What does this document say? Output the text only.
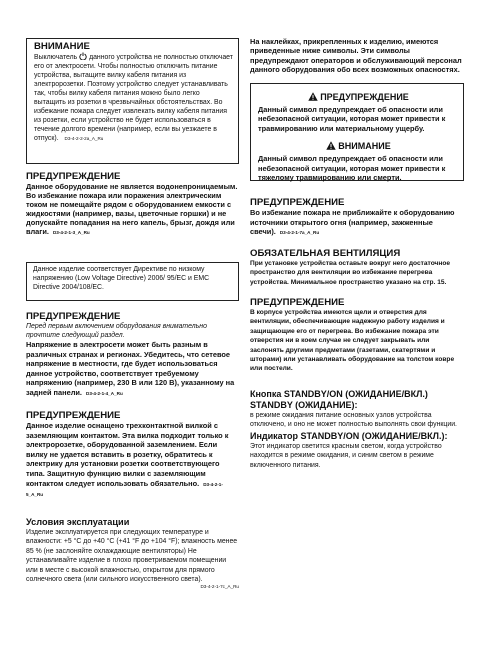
ВНИМАНИЕ
Выключатель  данного устройства не полностью отключает его от электросети. Чтобы полностью отключить питание устройства, вытащите вилку кабеля питания из электророзетки. Поэтому устройство следует устанавливать так, чтобы вилку кабеля питания можно было легко вытащить из розетки в чрезвычайных обстоятельствах. Во избежание пожара следует извлекать вилку кабеля питания из розетки, если устройство не будет использоваться в течение долгого времени (например, если вы уезжаете в отпуск). D3-4-2-2-2a_A_Ru
ПРЕДУПРЕЖДЕНИЕ
Данное оборудование не является водонепроницаемым. Во избежание пожара или поражения электрическим током не помещайте рядом с оборудованием емкости с жидкостями (например, вазы, цветочные горшки) и не допускайте попадания на него капель, брызг, дождя или влаги. D3-4-2-1-3_A_Ru
Данное изделие соответствует Директиве по низкому напряжению (Low Voltage Directive) 2006/ 95/EC и EMC Directive 2004/108/EC.
ПРЕДУПРЕЖДЕНИЕ
Перед первым включением оборудования внимательно прочтите следующий раздел.
Напряжение в электросети может быть разным в различных странах и регионах. Убедитесь, что сетевое напряжение в местности, где будет использоваться данное устройство, соответствует требуемому напряжению (например, 230 В или 120 В), указанному на задней панели. D3-4-2-1-4_A_Ru
ПРЕДУПРЕЖДЕНИЕ
Данное изделие оснащено трехконтактной вилкой с заземляющим контактом. Эта вилка подходит только к электророзетке, оборудованной заземлением. Если вилку не удается вставить в розетку, обратитесь к электрику для установки розетки соответствующего типа. Защитную функцию вилки с заземляющим контактом следует использовать обязательно. D3-4-2-1-5_A_Ru
Условия эксплуатации
Изделие эксплуатируется при следующих температуре и влажности: +5 °C до +40 °C (+41 °F до +104 °F); влажность менее 85 % (не заслоняйте охлаждающие вентиляторы) Не устанавливайте изделие в плохо проветриваемом помещении или в месте с высокой влажностью, открытом для прямого солнечного света (или сильного искусственного света).
D3-4-2-1-7c_A_Ru
На наклейках, прикрепленных к изделию, имеются приведенные ниже символы. Эти символы предупреждают операторов и обслуживающий персонал данного оборудования обо всех возможных опасностях.
ПРЕДУПРЕЖДЕНИЕ
Данный символ предупреждает об опасности или небезопасной ситуации, которая может привести к травмированию или материальному ущербу.
ВНИМАНИЕ
Данный символ предупреждает об опасности или небезопасной ситуации, которая может привести к тяжелому травмированию или смерти.
ПРЕДУПРЕЖДЕНИЕ
Во избежание пожара не приближайте к оборудованию источники открытого огня (например, зажженные свечи). D3-4-2-1-7a_A_Ru
ОБЯЗАТЕЛЬНАЯ ВЕНТИЛЯЦИЯ
При установке устройства оставьте вокруг него достаточное пространство для вентиляции во избежание перегрева устройства. Минимальное пространство указано на стр. 15.
ПРЕДУПРЕЖДЕНИЕ
В корпусе устройства имеются щели и отверстия для вентиляции, обеспечивающие надежную работу изделия и защищающие его от перегрева. Во избежание пожара эти отверстия ни в коем случае не следует закрывать или заслонять другими предметами (газетами, скатертями и шторами) или устанавливать оборудование на толстом ковре или постели.
Кнопка STANDBY/ON (ОЖИДАНИЕ/ВКЛ.) STANDBY (ОЖИДАНИЕ):
в режиме ожидания питание основных узлов устройства отключено, и оно не может полностью выполнять свои функции.
Индикатор STANDBY/ON (ОЖИДАНИЕ/ВКЛ.):
Этот индикатор светится красным светом, когда устройство находится в режиме ожидания, и синим светом в режиме включенного питания.
